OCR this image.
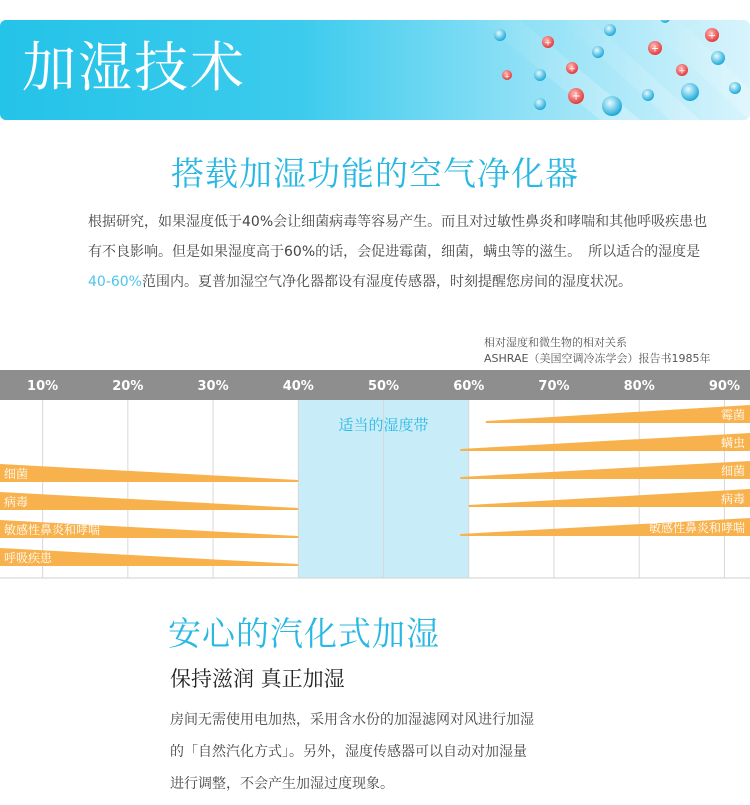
加湿技术	+
+
+
+
+
+
+
搭载加湿功能的空气净化器
根据研究，如果湿度低于40%会让细菌病毒等容易产生。而且对过敏性鼻炎和哮喘和其他呼吸疾患也有不良影响。但是如果湿度高于60%的话，会促进霉菌，细菌，螨虫等的滋生。　所以适合的湿度是40-60%范围内。夏普加湿空气净化器都设有湿度传感器，时刻提醒您房间的湿度状况。
相对湿度和微生物的相对关系
ASHRAE（美国空调冷冻学会）报告书1985年
10%	20%	30%	40%	50%	60%	70%	80%	90%
适当的湿度带
细菌
病毒
敏感性鼻炎和哮喘
呼吸疾患
霉菌
螨虫
细菌
病毒
敏感性鼻炎和哮喘
安心的汽化式加湿
保持滋润 真正加湿
房间无需使用电加热，采用含水份的加湿滤网对风进行加湿
的「自然汽化方式」。另外，湿度传感器可以自动对加湿量
进行调整，不会产生加湿过度现象。
